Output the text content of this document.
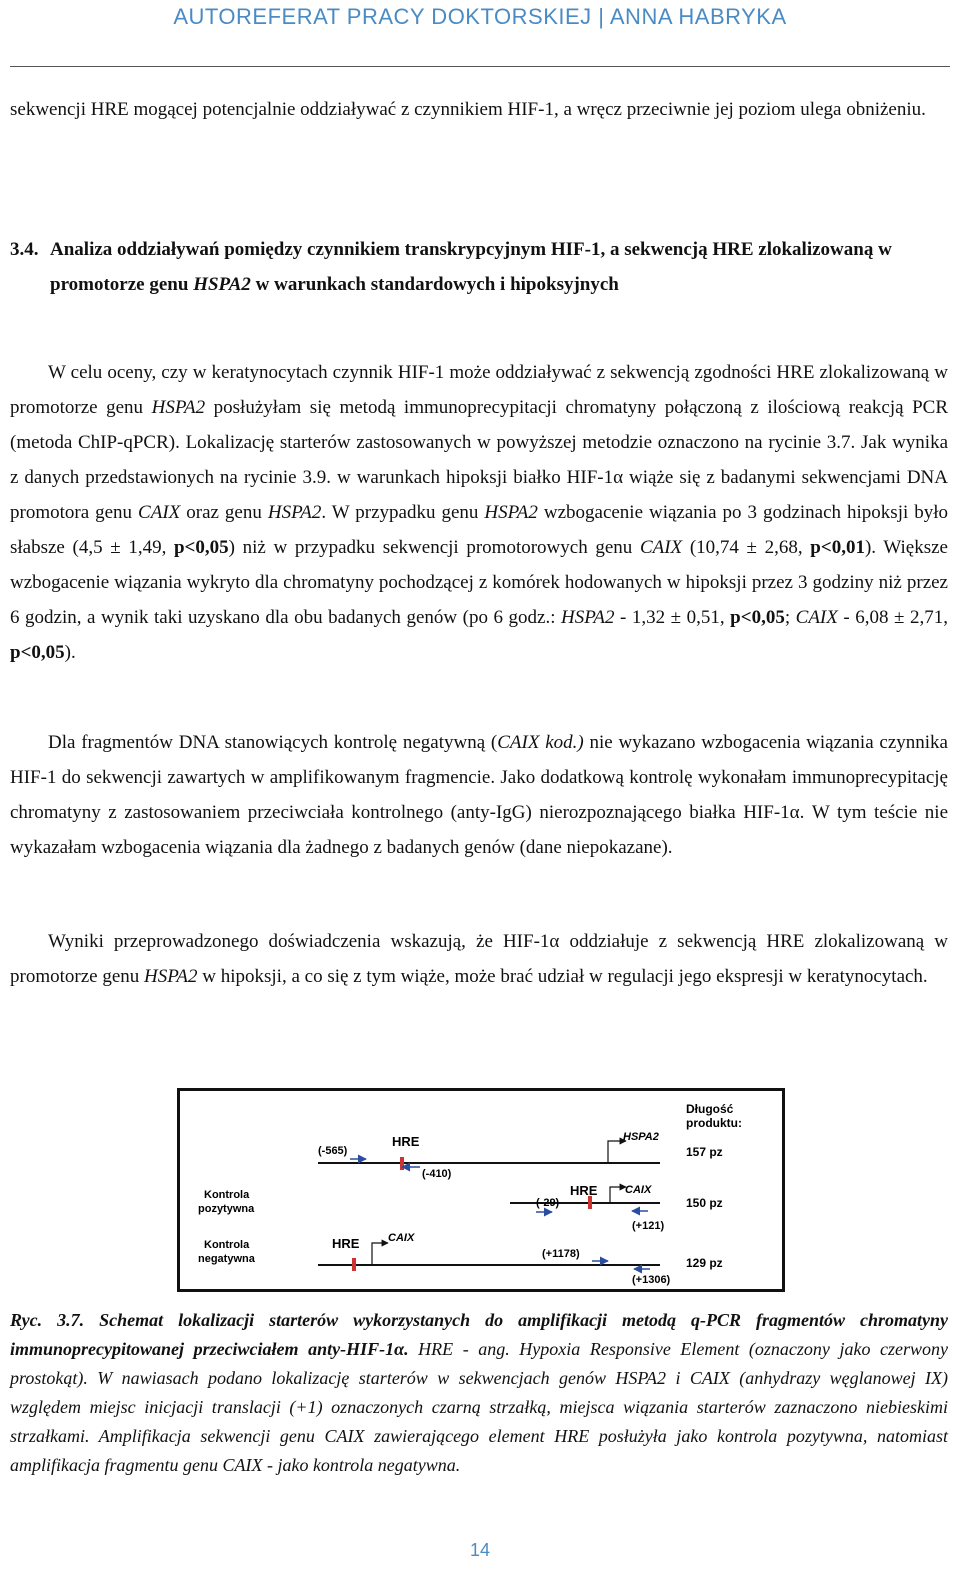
AUTOREFERAT PRACY DOKTORSKIEJ | ANNA HABRYKA

sekwencji HRE mogącej potencjalnie oddziaływać z czynnikiem HIF-1, a wręcz przeciwnie jej poziom ulega obniżeniu.

3.4. Analiza oddziaływań pomiędzy czynnikiem transkrypcyjnym HIF-1, a sekwencją HRE zlokalizowaną w promotorze genu HSPA2 w warunkach standardowych i hipoksyjnych

W celu oceny, czy w keratynocytach czynnik HIF-1 może oddziaływać z sekwencją zgodności HRE zlokalizowaną w promotorze genu HSPA2 posłużyłam się metodą immunoprecypitacji chromatyny połączoną z ilościową reakcją PCR (metoda ChIP-qPCR). Lokalizację starterów zastosowanych w powyższej metodzie oznaczono na rycinie 3.7. Jak wynika z danych przedstawionych na rycinie 3.9. w warunkach hipoksji białko HIF-1α wiąże się z badanymi sekwencjami DNA promotora genu CAIX oraz genu HSPA2. W przypadku genu HSPA2 wzbogacenie wiązania po 3 godzinach hipoksji było słabsze (4,5 ± 1,49, p<0,05) niż w przypadku sekwencji promotorowych genu CAIX (10,74 ± 2,68, p<0,01). Większe wzbogacenie wiązania wykryto dla chromatyny pochodzącej z komórek hodowanych w hipoksji przez 3 godziny niż przez 6 godzin, a wynik taki uzyskano dla obu badanych genów (po 6 godz.: HSPA2 - 1,32 ± 0,51, p<0,05; CAIX - 6,08 ± 2,71, p<0,05).

Dla fragmentów DNA stanowiących kontrolę negatywną (CAIX kod.) nie wykazano wzbogacenia wiązania czynnika HIF-1 do sekwencji zawartych w amplifikowanym fragmencie. Jako dodatkową kontrolę wykonałam immunoprecypitację chromatyny z zastosowaniem przeciwciała kontrolnego (anty-IgG) nierozpoznającego białka HIF-1α. W tym teście nie wykazałam wzbogacenia wiązania dla żadnego z badanych genów (dane niepokazane).

Wyniki przeprowadzonego doświadczenia wskazują, że HIF-1α oddziałuje z sekwencją HRE zlokalizowaną w promotorze genu HSPA2 w hipoksji, a co się z tym wiąże, może brać udział w regulacji jego ekspresji w keratynocytach.

Długość
produktu:
HRE
(-565)
(-410)
HSPA2
157 pz
Kontrola
pozytywna
HRE
(-29)
CAIX
(+121)
150 pz
Kontrola
negatywna
HRE	CAIX
(+1178)
(+1306)
129 pz
Ryc. 3.7. Schemat lokalizacji starterów wykorzystanych do amplifikacji metodą q-PCR fragmentów chromatyny immunoprecypitowanej przeciwciałem anty-HIF-1α. HRE - ang. Hypoxia Responsive Element (oznaczony jako czerwony prostokąt). W nawiasach podano lokalizację starterów w sekwencjach genów HSPA2 i CAIX (anhydrazy węglanowej IX) względem miejsc inicjacji translacji (+1) oznaczonych czarną strzałką, miejsca wiązania starterów zaznaczono niebieskimi strzałkami. Amplifikacja sekwencji genu CAIX zawierającego element HRE posłużyła jako kontrola pozytywna, natomiast amplifikacja fragmentu genu CAIX - jako kontrola negatywna.
14
